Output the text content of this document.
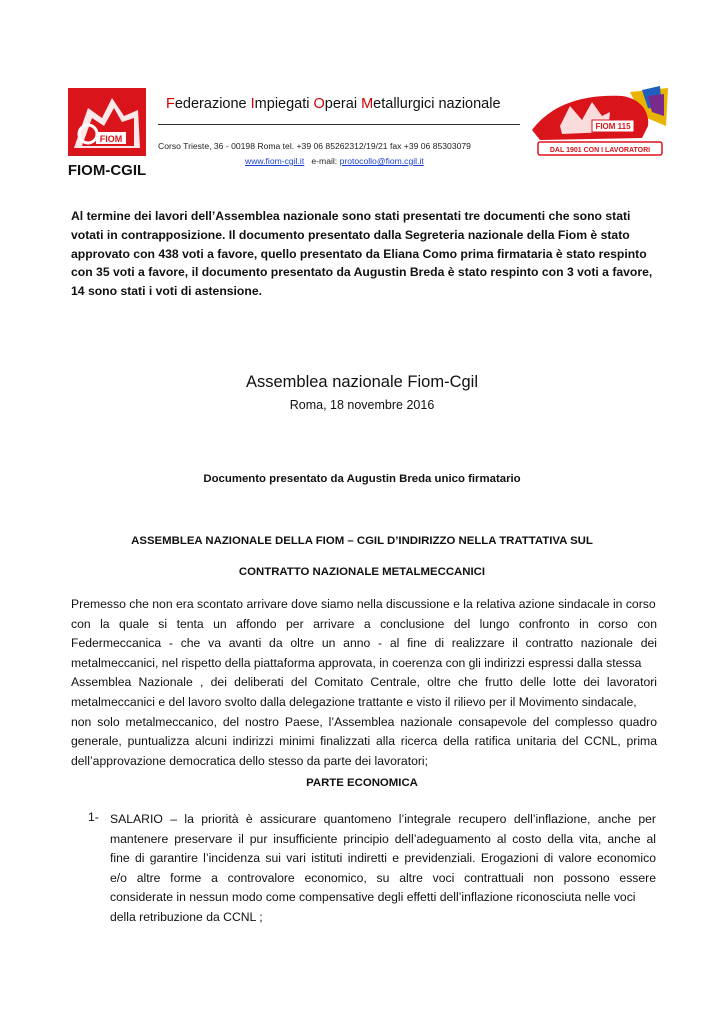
FIOM
FIOM-CGIL
Federazione Impiegati Operai Metallurgici nazionale
Corso Trieste, 36 - 00198 Roma tel. +39 06 85262312/19/21 fax +39 06 85303079
www.fiom-cgil.it e-mail: protocollo@fiom.cgil.it
FIOM 115
DAL 1901 CON I LAVORATORI
Al termine dei lavori dell’Assemblea nazionale sono stati presentati tre documenti che sono stati votati in contrapposizione. Il documento presentato dalla Segreteria nazionale della Fiom è stato approvato con 438 voti a favore, quello presentato da Eliana Como prima firmataria è stato respinto con 35 voti a favore, il documento presentato da Augustin Breda è stato respinto con 3 voti a favore, 14 sono stati i voti di astensione.
Assemblea nazionale Fiom-Cgil
Roma, 18 novembre 2016
Documento presentato da Augustin Breda unico firmatario
ASSEMBLEA NAZIONALE DELLA FIOM – CGIL D’INDIRIZZO NELLA TRATTATIVA SUL
CONTRATTO NAZIONALE METALMECCANICI
Premesso che non era scontato arrivare dove siamo nella discussione e la relativa azione sindacale in corso
con la quale si tenta un affondo per arrivare a conclusione del lungo confronto in corso con
Federmeccanica - che va avanti da oltre un anno - al fine di realizzare il contratto nazionale dei
metalmeccanici, nel rispetto della piattaforma approvata, in coerenza con gli indirizzi espressi dalla stessa
Assemblea Nazionale , dei deliberati del Comitato Centrale, oltre che frutto delle lotte dei lavoratori
metalmeccanici e del lavoro svolto dalla delegazione trattante e visto il rilievo per il Movimento sindacale,
non solo metalmeccanico, del nostro Paese, l’Assemblea nazionale consapevole del complesso quadro
generale, puntualizza alcuni indirizzi minimi finalizzati alla ricerca della ratifica unitaria del CCNL, prima
dell’approvazione democratica dello stesso da parte dei lavoratori;
PARTE ECONOMICA
1- SALARIO – la priorità è assicurare quantomeno l’integrale recupero dell’inflazione, anche per
mantenere preservare il pur insufficiente principio dell’adeguamento al costo della vita, anche al
fine di garantire l’incidenza sui vari istituti indiretti e previdenziali. Erogazioni di valore economico
e/o altre forme a controvalore economico, su altre voci contrattuali non possono essere
considerate in nessun modo come compensative degli effetti dell’inflazione riconosciuta nelle voci
della retribuzione da CCNL ;
